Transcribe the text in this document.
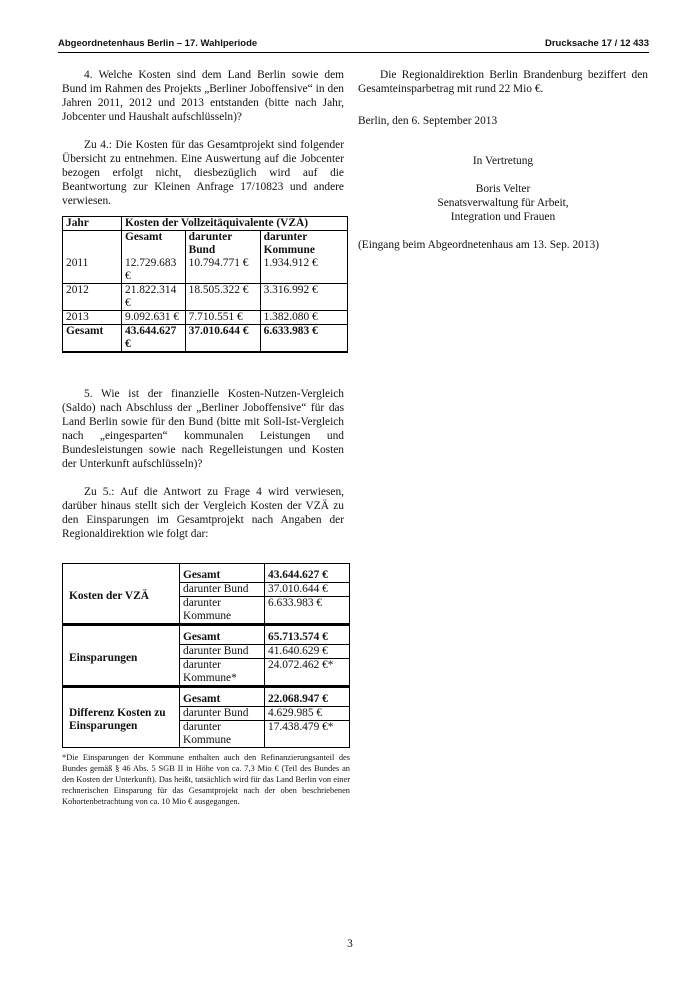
Abgeordnetenhaus Berlin – 17. Wahlperiode	Drucksache 17 / 12 433

4. Welche Kosten sind dem Land Berlin sowie dem Bund im Rahmen des Projekts „Berliner Joboffensive“ in den Jahren 2011, 2012 und 2013 entstanden (bitte nach Jahr, Jobcenter und Haushalt aufschlüsseln)?

Zu 4.: Die Kosten für das Gesamtprojekt sind folgender Übersicht zu entnehmen. Eine Auswertung auf die Jobcenter bezogen erfolgt nicht, diesbezüglich wird auf die Beantwortung zur Kleinen Anfrage 17/10823 und andere verwiesen.

Jahr	Kosten der Vollzeitäquivalente (VZÄ)		
	Gesamt	darunter Bund	darunter Kommune
2011	12.729.683 €	10.794.771 €	1.934.912 €
2012	21.822.314 €	18.505.322 €	3.316.992 €
2013	9.092.631 €	7.710.551 €	1.382.080 €
Gesamt	43.644.627 €	37.010.644 €	6.633.983 €

5. Wie ist der finanzielle Kosten-Nutzen-Vergleich (Saldo) nach Abschluss der „Berliner Joboffensive“ für das Land Berlin sowie für den Bund (bitte mit Soll-Ist-Vergleich nach „eingesparten“ kommunalen Leistungen und Bundesleistungen sowie nach Regelleistungen und Kosten der Unterkunft aufschlüsseln)?

Zu 5.: Auf die Antwort zu Frage 4 wird verwiesen, darüber hinaus stellt sich der Vergleich Kosten der VZÄ zu den Einsparungen im Gesamtprojekt nach Angaben der Regionaldirektion wie folgt dar:

Kosten der VZÄ	Gesamt	43.644.627 €
	darunter Bund	37.010.644 €
	darunter Kommune	6.633.983 €
Einsparungen	Gesamt	65.713.574 €
	darunter Bund	41.640.629 €
	darunter Kommune*	24.072.462 €*
Differenz Kosten zu Einsparungen	Gesamt	22.068.947 €
	darunter Bund	4.629.985 €
	darunter Kommune	17.438.479 €*
*Die Einsparungen der Kommune enthalten auch den Refinanzierungsanteil des Bundes gemäß § 46 Abs. 5 SGB II in Höhe von ca. 7,3 Mio € (Teil des Bundes an den Kosten der Unterkunft). Das heißt, tatsächlich wird für das Land Berlin von einer rechnerischen Einsparung für das Gesamtprojekt nach der oben beschriebenen Kohortenbetrachtung von ca. 10 Mio € ausgegangen.

Die Regionaldirektion Berlin Brandenburg beziffert den Gesamteinsparbetrag mit rund 22 Mio €.

Berlin, den 6. September 2013

In Vertretung

Boris Velter
Senatsverwaltung für Arbeit,
Integration und Frauen
(Eingang beim Abgeordnetenhaus am 13. Sep. 2013)
3
